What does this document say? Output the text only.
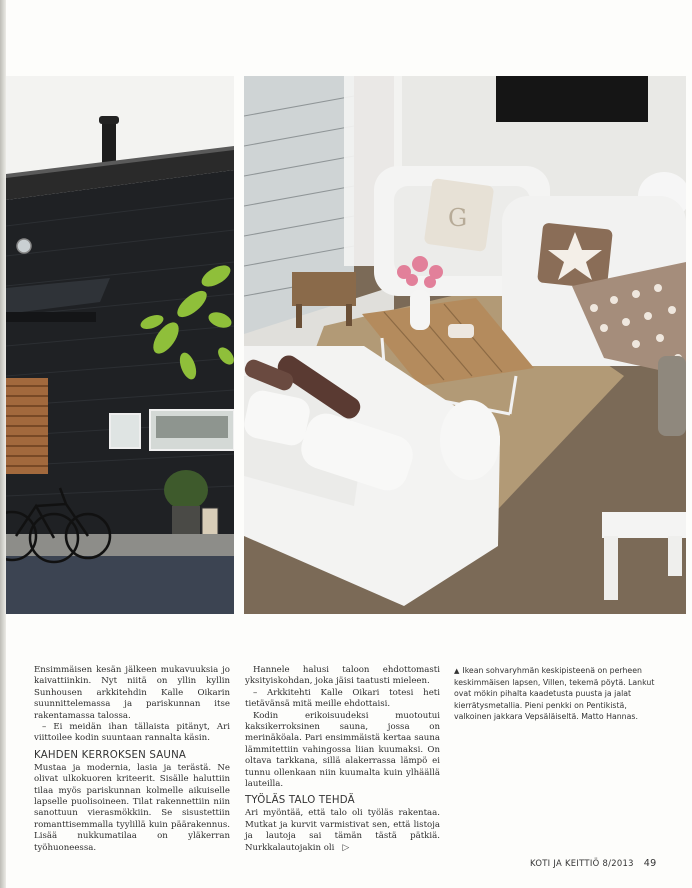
G

Ensimmäisen kesän jälkeen mukavuuksia jo kaivattiinkin. Nyt niitä on yllin kyllin Sunhousen arkkitehdin Kalle Oikarin suunnittelemassa ja pariskunnan itse rakentamassa talossa.

– Ei meidän ihan tällaista pitänyt, Ari viittoilee kodin suuntaan rannalta käsin.

KAHDEN KERROKSEN SAUNA

Mustaa ja modernia, lasia ja terästä. Ne olivat ulkokuoren kriteerit. Sisälle haluttiin tilaa myös pariskunnan kolmelle aikuiselle lapselle puolisoineen. Tilat rakennettiin niin sanottuun vierasmökkiin. Se sisustettiin romanttisemmalla tyylillä kuin päärakennus. Lisää nukkumatilaa on yläkerran työhuoneessa.

Hannele halusi taloon ehdottomasti yksityiskohdan, joka jäisi taatusti mieleen.

– Arkkitehti Kalle Oikari totesi heti tietävänsä mitä meille ehdottaisi.

Kodin erikoisuudeksi muotoutui kaksikerroksinen sauna, jossa on merinäköala. Pari ensimmäistä kertaa sauna lämmitettiin vahingossa liian kuumaksi. On oltava tarkkana, sillä alakerrassa lämpö ei tunnu ollenkaan niin kuumalta kuin ylhäällä lauteilla.

TYÖLÄS TALO TEHDÄ

Ari myöntää, että talo oli työläs rakentaa. Mutkat ja kurvit varmistivat sen, että listoja ja lautoja sai tämän tästä pätkiä. Nurkkalautojakin oli ▷

▲ Ikean sohvaryhmän keskipisteenä on perheen keskimmäisen lapsen, Villen, tekemä pöytä. Lankut ovat mökin pihalta kaadetusta puusta ja jalat kierrätysmetallia. Pieni penkki on Pentikistä, valkoinen jakkara Vepsäläiseltä. Matto Hannas.

KOTI JA KEITTIÖ 8/2013 49
